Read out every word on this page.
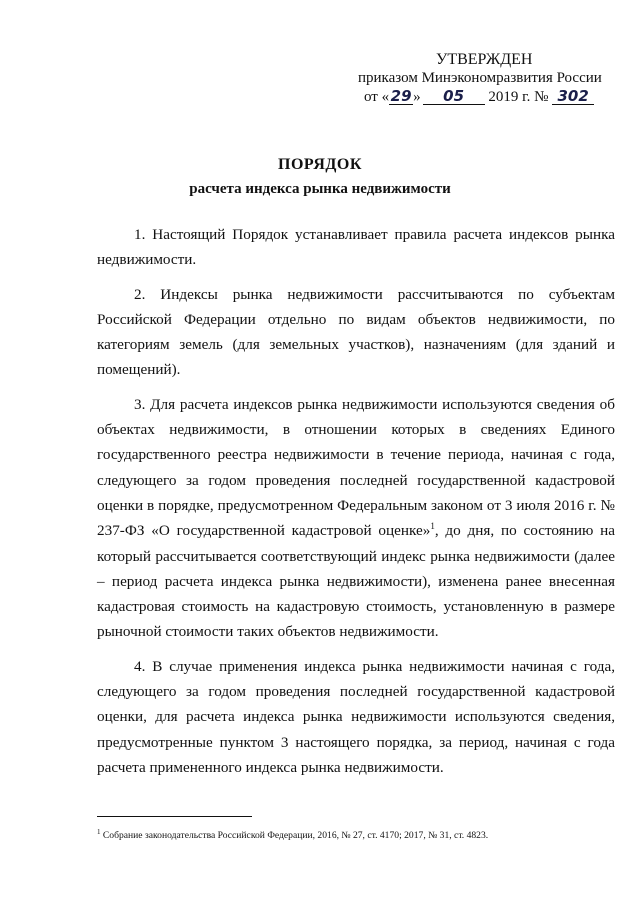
УТВЕРЖДЕН
приказом Минэкономразвития России
от « 29 » 05 2019 г. № 302
ПОРЯДОК
расчета индекса рынка недвижимости

1. Настоящий Порядок устанавливает правила расчета индексов рынка недвижимости.

2. Индексы рынка недвижимости рассчитываются по субъектам Российской Федерации отдельно по видам объектов недвижимости, по категориям земель (для земельных участков), назначениям (для зданий и помещений).

3. Для расчета индексов рынка недвижимости используются сведения об объектах недвижимости, в отношении которых в сведениях Единого государственного реестра недвижимости в течение периода, начиная с года, следующего за годом проведения последней государственной кадастровой оценки в порядке, предусмотренном Федеральным законом от 3 июля 2016 г. № 237-ФЗ «О государственной кадастровой оценке»$^1$, до дня, по состоянию на который рассчитывается соответствующий индекс рынка недвижимости (далее – период расчета индекса рынка недвижимости), изменена ранее внесенная кадастровая стоимость на кадастровую стоимость, установленную в размере рыночной стоимости таких объектов недвижимости.

4. В случае применения индекса рынка недвижимости начиная с года, следующего за годом проведения последней государственной кадастровой оценки, для расчета индекса рынка недвижимости используются сведения, предусмотренные пунктом 3 настоящего порядка, за период, начиная с года расчета примененного индекса рынка недвижимости.

$^1$ Собрание законодательства Российской Федерации, 2016, № 27, ст. 4170; 2017, № 31, ст. 4823.
